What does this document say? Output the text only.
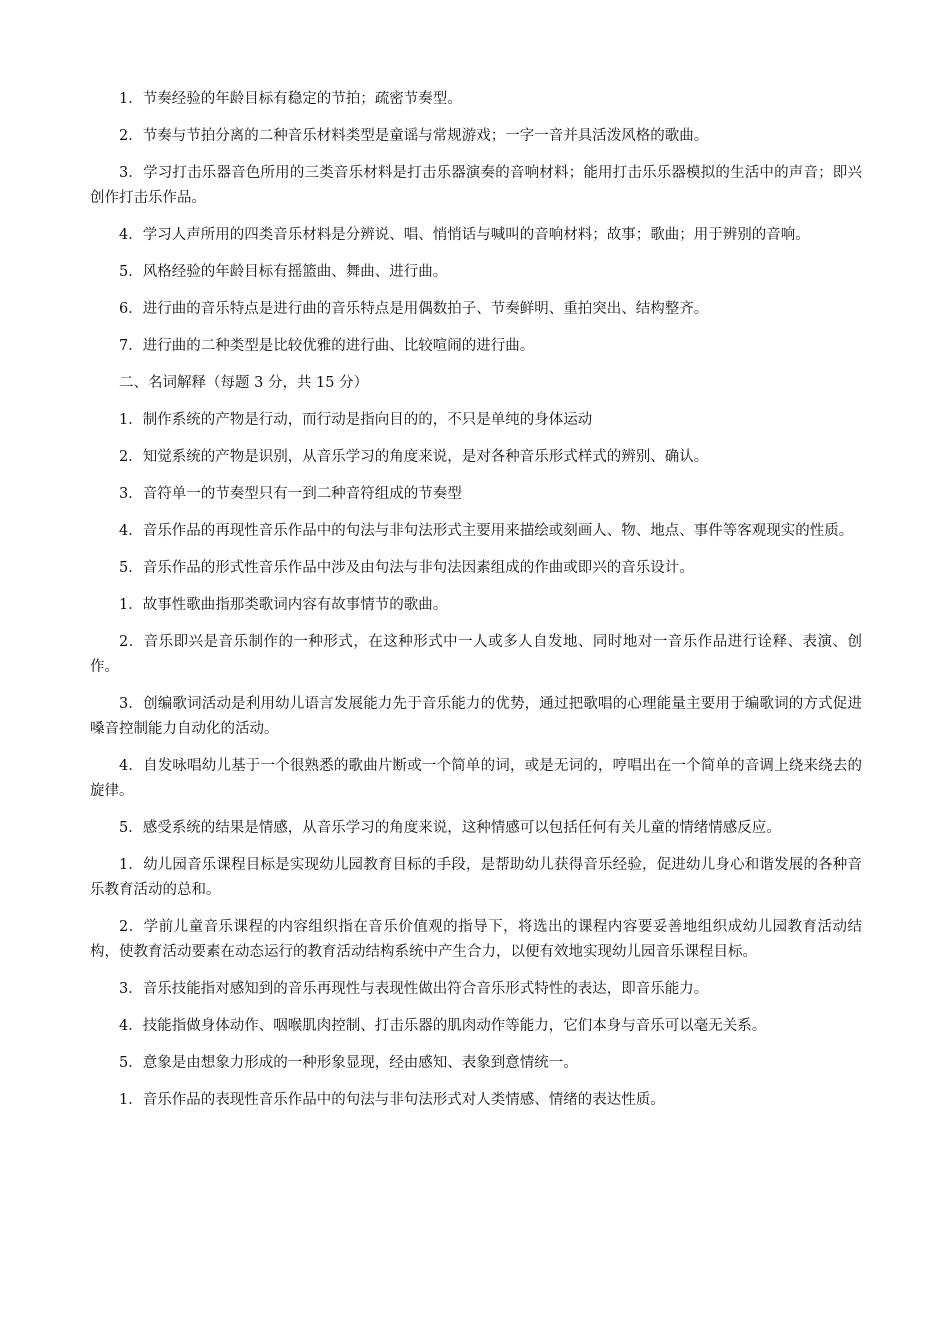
1．节奏经验的年龄目标有稳定的节拍；疏密节奏型。

2．节奏与节拍分离的二种音乐材料类型是童谣与常规游戏；一字一音并具活泼风格的歌曲。

3．学习打击乐器音色所用的三类音乐材料是打击乐器演奏的音响材料；能用打击乐乐器模拟的生活中的声音；即兴创作打击乐作品。

4．学习人声所用的四类音乐材料是分辨说、唱、悄悄话与喊叫的音响材料；故事；歌曲；用于辨别的音响。

5．风格经验的年龄目标有摇篮曲、舞曲、进行曲。

6．进行曲的音乐特点是进行曲的音乐特点是用偶数拍子、节奏鲜明、重拍突出、结构整齐。

7．进行曲的二种类型是比较优雅的进行曲、比较喧闹的进行曲。

二、名词解释（每题 3 分，共 15 分）

1．制作系统的产物是行动，而行动是指向目的的，不只是单纯的身体运动

2．知觉系统的产物是识别，从音乐学习的角度来说，是对各种音乐形式样式的辨别、确认。

3．音符单一的节奏型只有一到二种音符组成的节奏型

4．音乐作品的再现性音乐作品中的句法与非句法形式主要用来描绘或刻画人、物、地点、事件等客观现实的性质。

5．音乐作品的形式性音乐作品中涉及由句法与非句法因素组成的作曲或即兴的音乐设计。

1．故事性歌曲指那类歌词内容有故事情节的歌曲。

2．音乐即兴是音乐制作的一种形式，在这种形式中一人或多人自发地、同时地对一音乐作品进行诠释、表演、创作。

3．创编歌词活动是利用幼儿语言发展能力先于音乐能力的优势，通过把歌唱的心理能量主要用于编歌词的方式促进嗓音控制能力自动化的活动。

4．自发咏唱幼儿基于一个很熟悉的歌曲片断或一个简单的词，或是无词的，哼唱出在一个简单的音调上绕来绕去的旋律。

5．感受系统的结果是情感，从音乐学习的角度来说，这种情感可以包括任何有关儿童的情绪情感反应。

1．幼儿园音乐课程目标是实现幼儿园教育目标的手段，是帮助幼儿获得音乐经验，促进幼儿身心和谐发展的各种音乐教育活动的总和。

2．学前儿童音乐课程的内容组织指在音乐价值观的指导下，将选出的课程内容要妥善地组织成幼儿园教育活动结构，使教育活动要素在动态运行的教育活动结构系统中产生合力，以便有效地实现幼儿园音乐课程目标。

3．音乐技能指对感知到的音乐再现性与表现性做出符合音乐形式特性的表达，即音乐能力。

4．技能指做身体动作、咽喉肌肉控制、打击乐器的肌肉动作等能力，它们本身与音乐可以毫无关系。

5．意象是由想象力形成的一种形象显现，经由感知、表象到意情统一。

1．音乐作品的表现性音乐作品中的句法与非句法形式对人类情感、情绪的表达性质。
